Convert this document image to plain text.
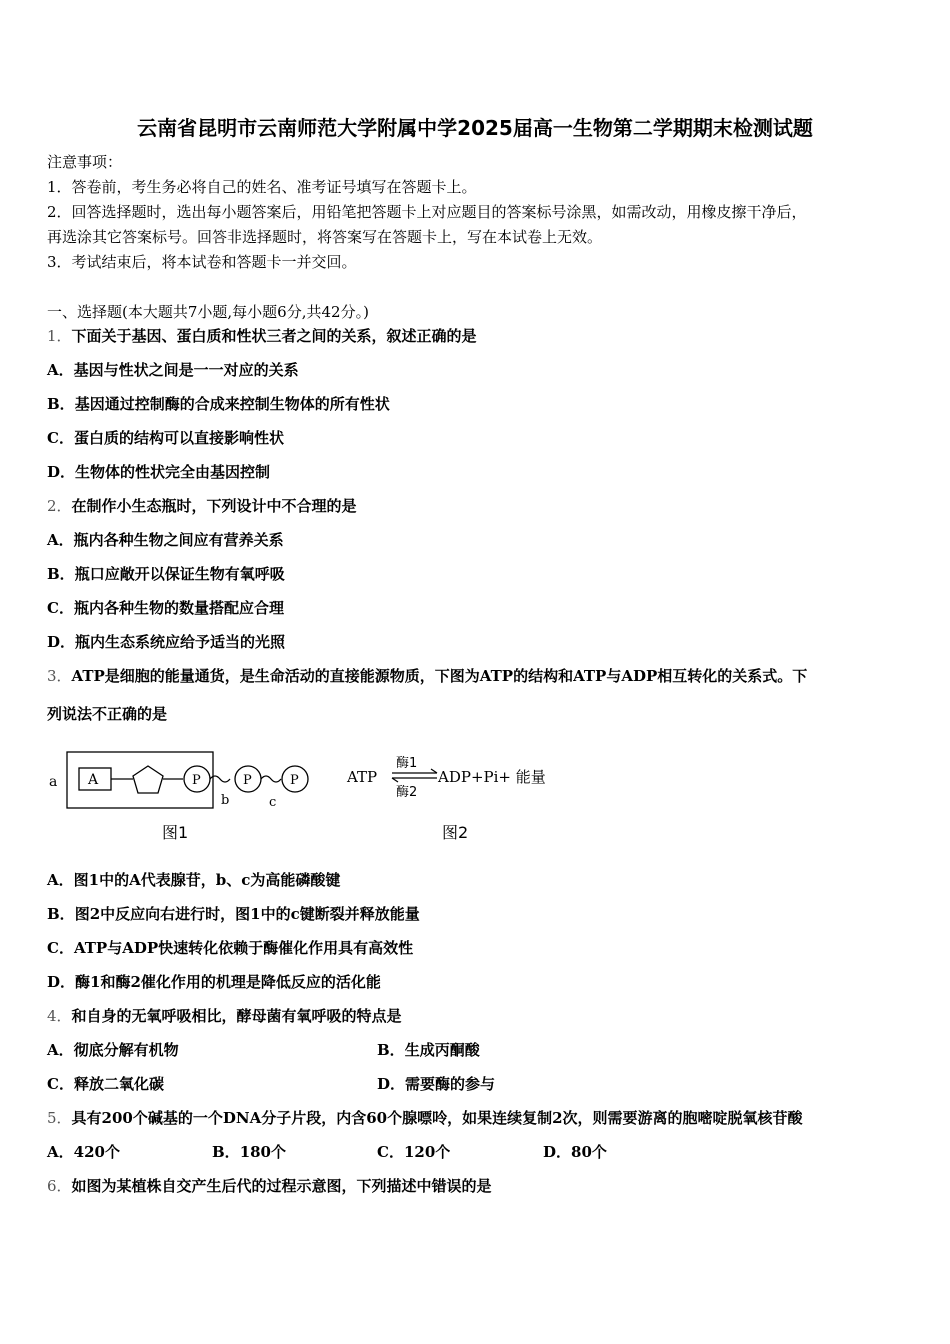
云南省昆明市云南师范大学附属中学2025届高一生物第二学期期末检测试题
注意事项：
1．答卷前，考生务必将自己的姓名、准考证号填写在答题卡上。
2．回答选择题时，选出每小题答案后，用铅笔把答题卡上对应题目的答案标号涂黑，如需改动，用橡皮擦干净后，
再选涂其它答案标号。回答非选择题时，将答案写在答题卡上，写在本试卷上无效。
3．考试结束后，将本试卷和答题卡一并交回。
一、选择题(本大题共7小题,每小题6分,共42分。)
1．下面关于基因、蛋白质和性状三者之间的关系，叙述正确的是
A．基因与性状之间是一一对应的关系
B．基因通过控制酶的合成来控制生物体的所有性状
C．蛋白质的结构可以直接影响性状
D．生物体的性状完全由基因控制
2．在制作小生态瓶时，下列设计中不合理的是
A．瓶内各种生物之间应有营养关系
B．瓶口应敞开以保证生物有氧呼吸
C．瓶内各种生物的数量搭配应合理
D．瓶内生态系统应给予适当的光照
3．ATP是细胞的能量通货，是生命活动的直接能源物质，下图为ATP的结构和ATP与ADP相互转化的关系式。下
列说法不正确的是
a A	P	P	P
b	c
图1
ATP
酶1
酶2
ADP+Pi+ 能量
图2
A．图1中的A代表腺苷，b、c为高能磷酸键
B．图2中反应向右进行时，图1中的c键断裂并释放能量
C．ATP与ADP快速转化依赖于酶催化作用具有高效性
D．酶1和酶2催化作用的机理是降低反应的活化能
4．和自身的无氧呼吸相比，酵母菌有氧呼吸的特点是
A．彻底分解有机物	B．生成丙酮酸
C．释放二氧化碳	D．需要酶的参与
5．具有200个碱基的一个DNA分子片段，内含60个腺嘌呤，如果连续复制2次，则需要游离的胞嘧啶脱氧核苷酸
A．420个	B．180个	C．120个	D．80个
6．如图为某植株自交产生后代的过程示意图，下列描述中错误的是
